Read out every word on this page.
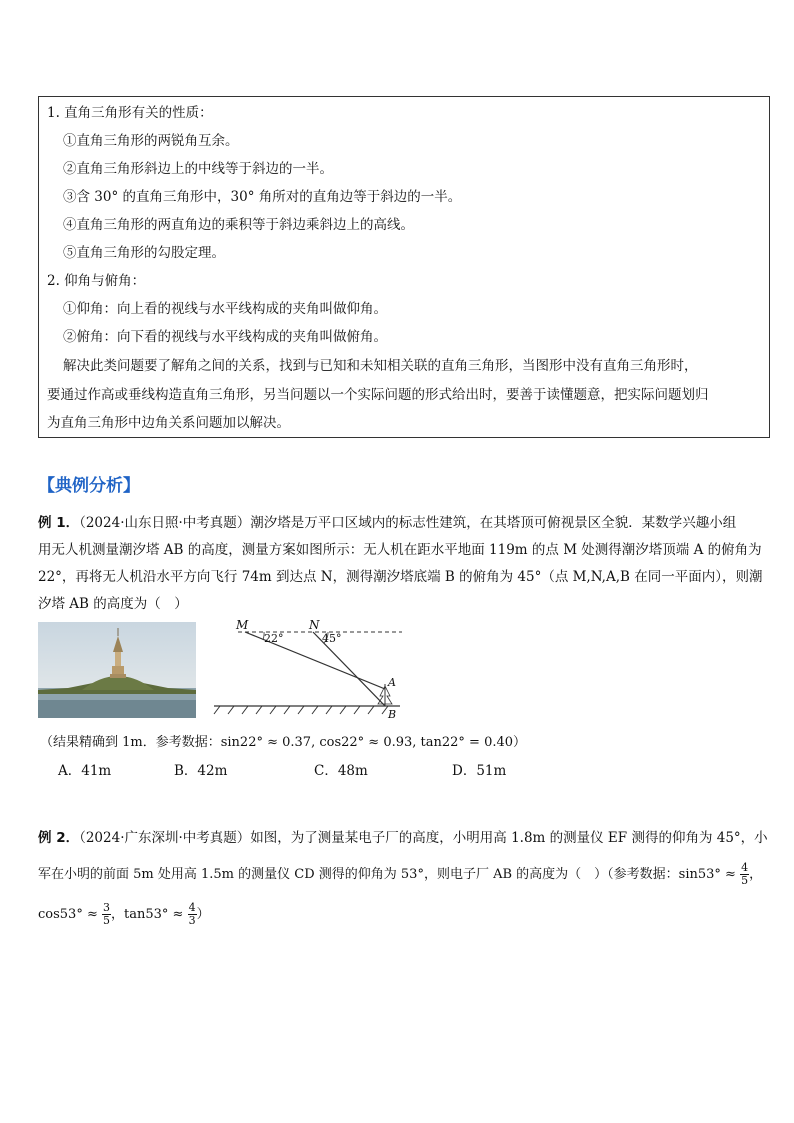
1. 直角三角形有关的性质：
①直角三角形的两锐角互余。
②直角三角形斜边上的中线等于斜边的一半。
③含 30° 的直角三角形中，30° 角所对的直角边等于斜边的一半。
④直角三角形的两直角边的乘积等于斜边乘斜边上的高线。
⑤直角三角形的勾股定理。
2. 仰角与俯角：
①仰角：向上看的视线与水平线构成的夹角叫做仰角。
②俯角：向下看的视线与水平线构成的夹角叫做俯角。
解决此类问题要了解角之间的关系，找到与已知和未知相关联的直角三角形，当图形中没有直角三角形时，
要通过作高或垂线构造直角三角形，另当问题以一个实际问题的形式给出时，要善于读懂题意，把实际问题划归
为直角三角形中边角关系问题加以解决。
【典例分析】
例 1．（2024·山东日照·中考真题）潮汐塔是万平口区域内的标志性建筑，在其塔顶可俯视景区全貌．某数学兴趣小组
用无人机测量潮汐塔 AB 的高度，测量方案如图所示：无人机在距水平地面 119m 的点 M 处测得潮汐塔顶端 A 的俯角为
22°，再将无人机沿水平方向飞行 74m 到达点 N，测得潮汐塔底端 B 的俯角为 45°（点 M,N,A,B 在同一平面内），则潮
汐塔 AB 的高度为（　）
M	N
22°	45°
A
B
（结果精确到 1m．参考数据：sin22° ≈ 0.37, cos22° ≈ 0.93, tan22° = 0.40）
A．41m	B．42m	C．48m	D．51m
例 2．（2024·广东深圳·中考真题）如图，为了测量某电子厂的高度，小明用高 1.8m 的测量仪 EF 测得的仰角为 45°，小
军在小明的前面 5m 处用高 1.5m 的测量仪 CD 测得的仰角为 53°，则电子厂 AB 的高度为（　）（参考数据：$\sin 53^\circ \approx \frac{4}{5}$ ，
$\cos 53^\circ \approx \frac{3}{5}$ ，$\tan 53^\circ \approx \frac{4}{3}$ ）
